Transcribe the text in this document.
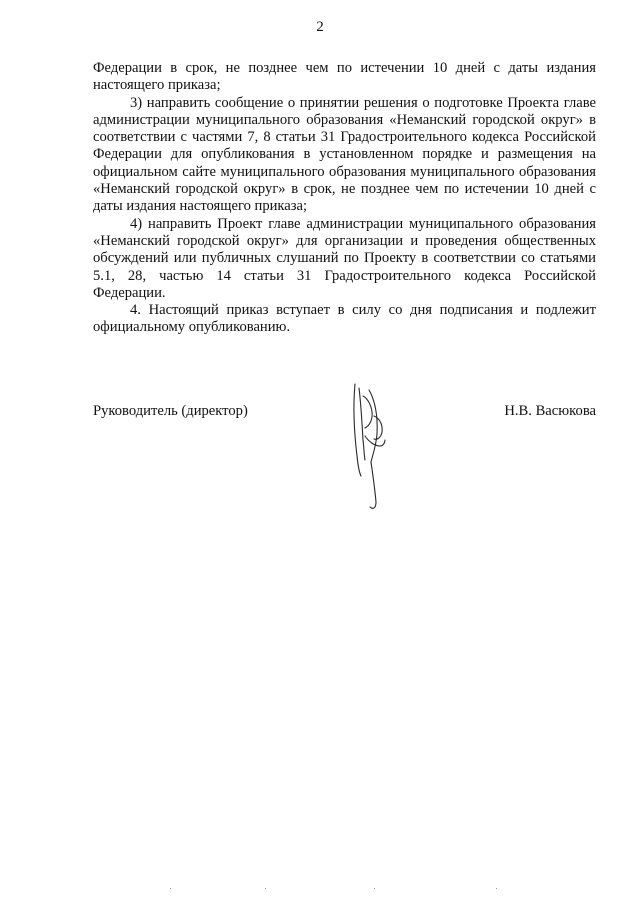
2

Федерации в срок, не позднее чем по истечении 10 дней с даты издания настоящего приказа;

3) направить сообщение о принятии решения о подготовке Проекта главе администрации муниципального образования «Неманский городской округ» в соответствии с частями 7, 8 статьи 31 Градостроительного кодекса Российской Федерации для опубликования в установленном порядке и размещения на официальном сайте муниципального образования муниципального образования «Неманский городской округ» в срок, не позднее чем по истечении 10 дней с даты издания настоящего приказа;

4) направить Проект главе администрации муниципального образования «Неманский городской округ» для организации и проведения общественных обсуждений или публичных слушаний по Проекту в соответствии со статьями 5.1, 28, частью 14 статьи 31 Градостроительного кодекса Российской Федерации.

4. Настоящий приказ вступает в силу со дня подписания и подлежит официальному опубликованию.

Руководитель (директор)	Н.В. Васюкова
